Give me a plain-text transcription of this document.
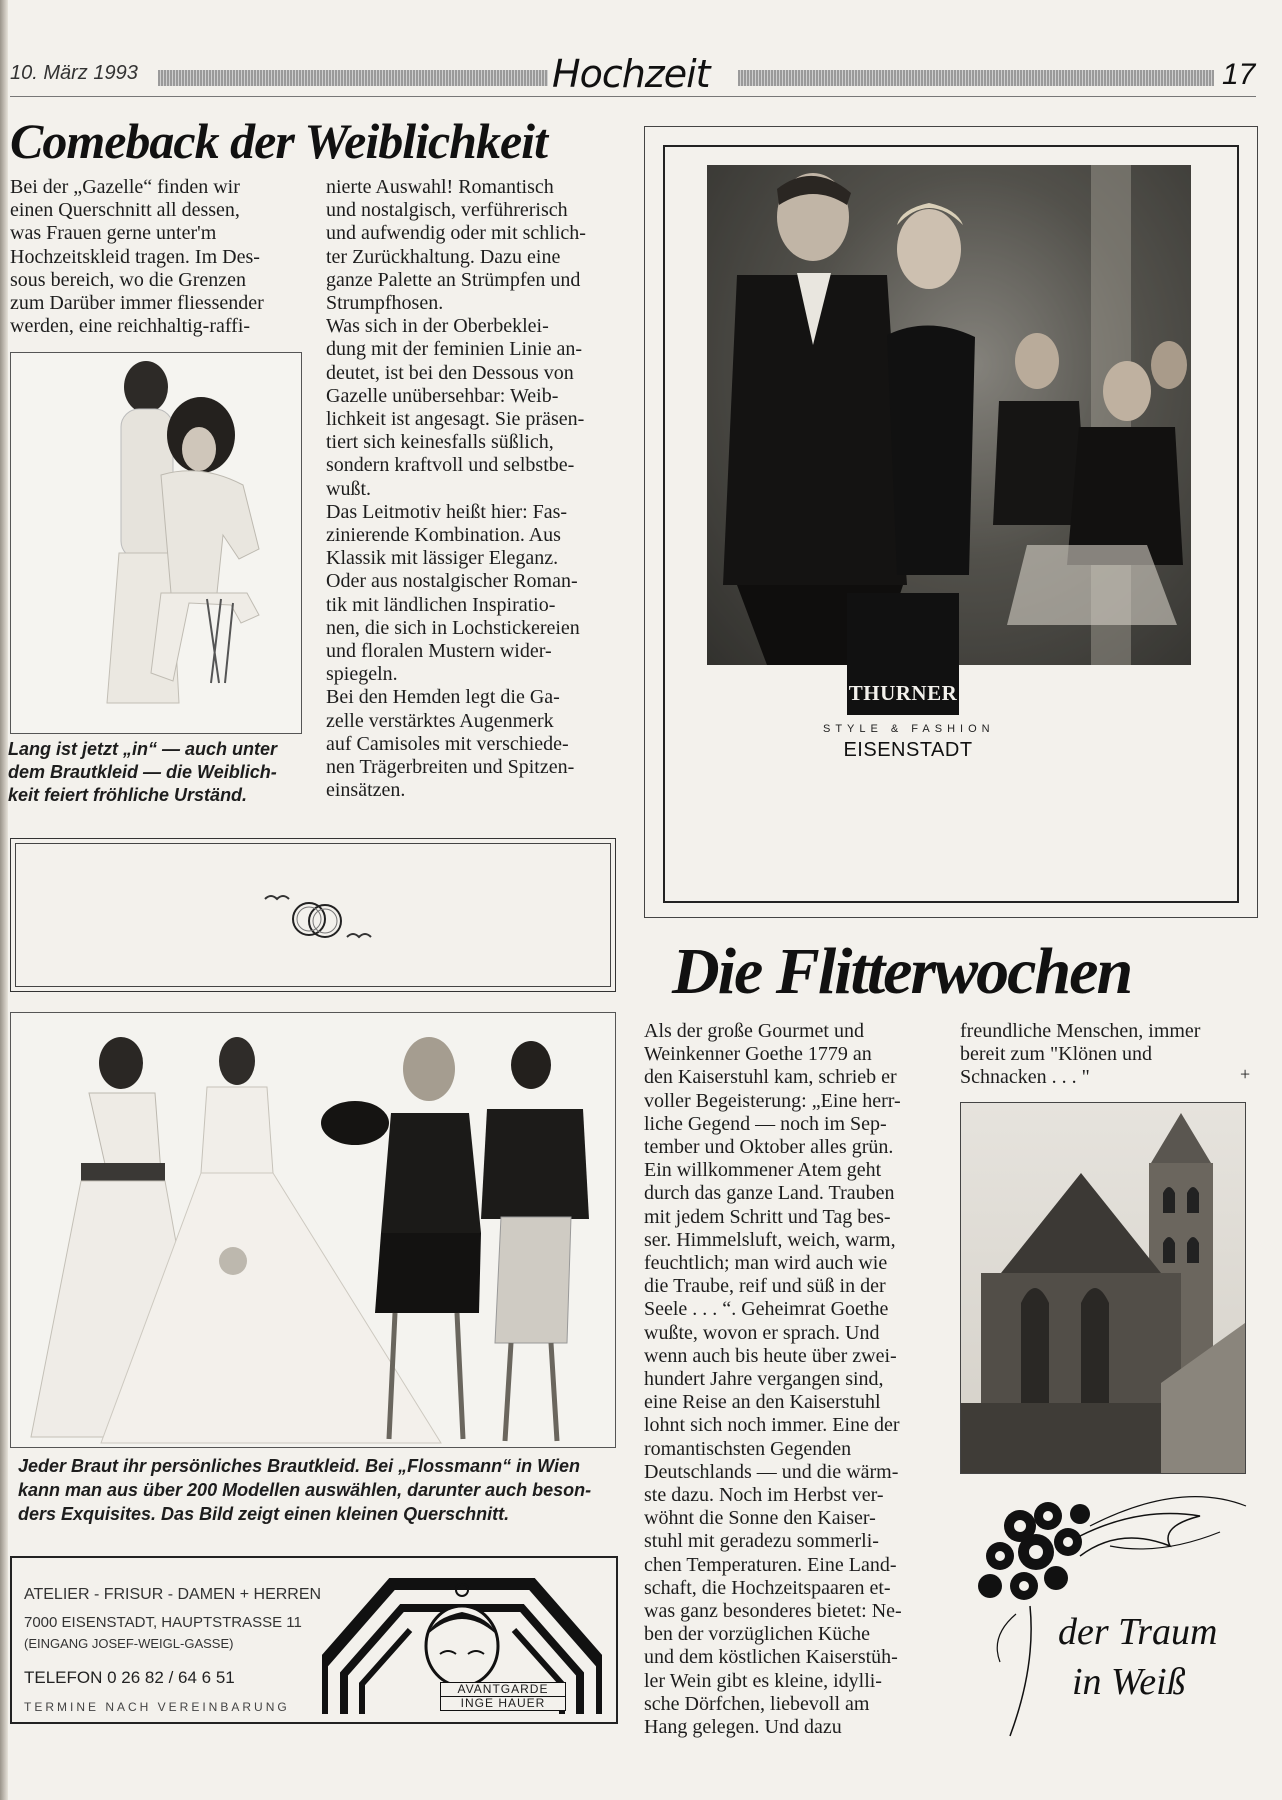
10. März 1993	Hochzeit	17
Comeback der Weiblichkeit
Bei der „Gazelle“ finden wir
einen Querschnitt all dessen,
was Frauen gerne unter'm
Hochzeitskleid tragen. Im Des-
sous bereich, wo die Grenzen
zum Darüber immer fliessender
werden, eine reichhaltig-raffi-
nierte Auswahl! Romantisch
und nostalgisch, verführerisch
und aufwendig oder mit schlich-
ter Zurückhaltung. Dazu eine
ganze Palette an Strümpfen und
Strumpfhosen.
Was sich in der Oberbeklei-
dung mit der feminien Linie an-
deutet, ist bei den Dessous von
Gazelle unübersehbar: Weib-
lichkeit ist angesagt. Sie präsen-
tiert sich keinesfalls süßlich,
sondern kraftvoll und selbstbe-
wußt.
Das Leitmotiv heißt hier: Fas-
zinierende Kombination. Aus
Klassik mit lässiger Eleganz.
Oder aus nostalgischer Roman-
tik mit ländlichen Inspiratio-
nen, die sich in Lochstickereien
und floralen Mustern wider-
spiegeln.
Bei den Hemden legt die Ga-
zelle verstärktes Augenmerk
auf Camisoles mit verschiede-
nen Trägerbreiten und Spitzen-
einsätzen.
Lang ist jetzt „in“ — auch unter
dem Brautkleid — die Weiblich-
keit feiert fröhliche Urständ.
Jeder Braut ihr persönliches Brautkleid. Bei „Flossmann“ in Wien
kann man aus über 200 Modellen auswählen, darunter auch beson-
ders Exquisites. Das Bild zeigt einen kleinen Querschnitt.
ATELIER - FRISUR - DAMEN + HERREN
7000 EISENSTADT, HAUPTSTRASSE 11
(EINGANG JOSEF-WEIGL-GASSE)
TELEFON 0 26 82 / 64 6 51
TERMINE NACH VEREINBARUNG
AVANTGARDE
INGE HAUER
THURNER
STYLE & FASHION
EISENSTADT
Die Flitterwochen
Als der große Gourmet und
Weinkenner Goethe 1779 an
den Kaiserstuhl kam, schrieb er
voller Begeisterung: „Eine herr-
liche Gegend — noch im Sep-
tember und Oktober alles grün.
Ein willkommener Atem geht
durch das ganze Land. Trauben
mit jedem Schritt und Tag bes-
ser. Himmelsluft, weich, warm,
feuchtlich; man wird auch wie
die Traube, reif und süß in der
Seele . . . “. Geheimrat Goethe
wußte, wovon er sprach. Und
wenn auch bis heute über zwei-
hundert Jahre vergangen sind,
eine Reise an den Kaiserstuhl
lohnt sich noch immer. Eine der
romantischsten Gegenden
Deutschlands — und die wärm-
ste dazu. Noch im Herbst ver-
wöhnt die Sonne den Kaiser-
stuhl mit geradezu sommerli-
chen Temperaturen. Eine Land-
schaft, die Hochzeitspaaren et-
was ganz besonderes bietet: Ne-
ben der vorzüglichen Küche
und dem köstlichen Kaiserstüh-
ler Wein gibt es kleine, idylli-
sche Dörfchen, liebevoll am
Hang gelegen. Und dazu
freundliche Menschen, immer
bereit zum "Klönen und
Schnacken . . . "	+
der Traum
in Weiß
